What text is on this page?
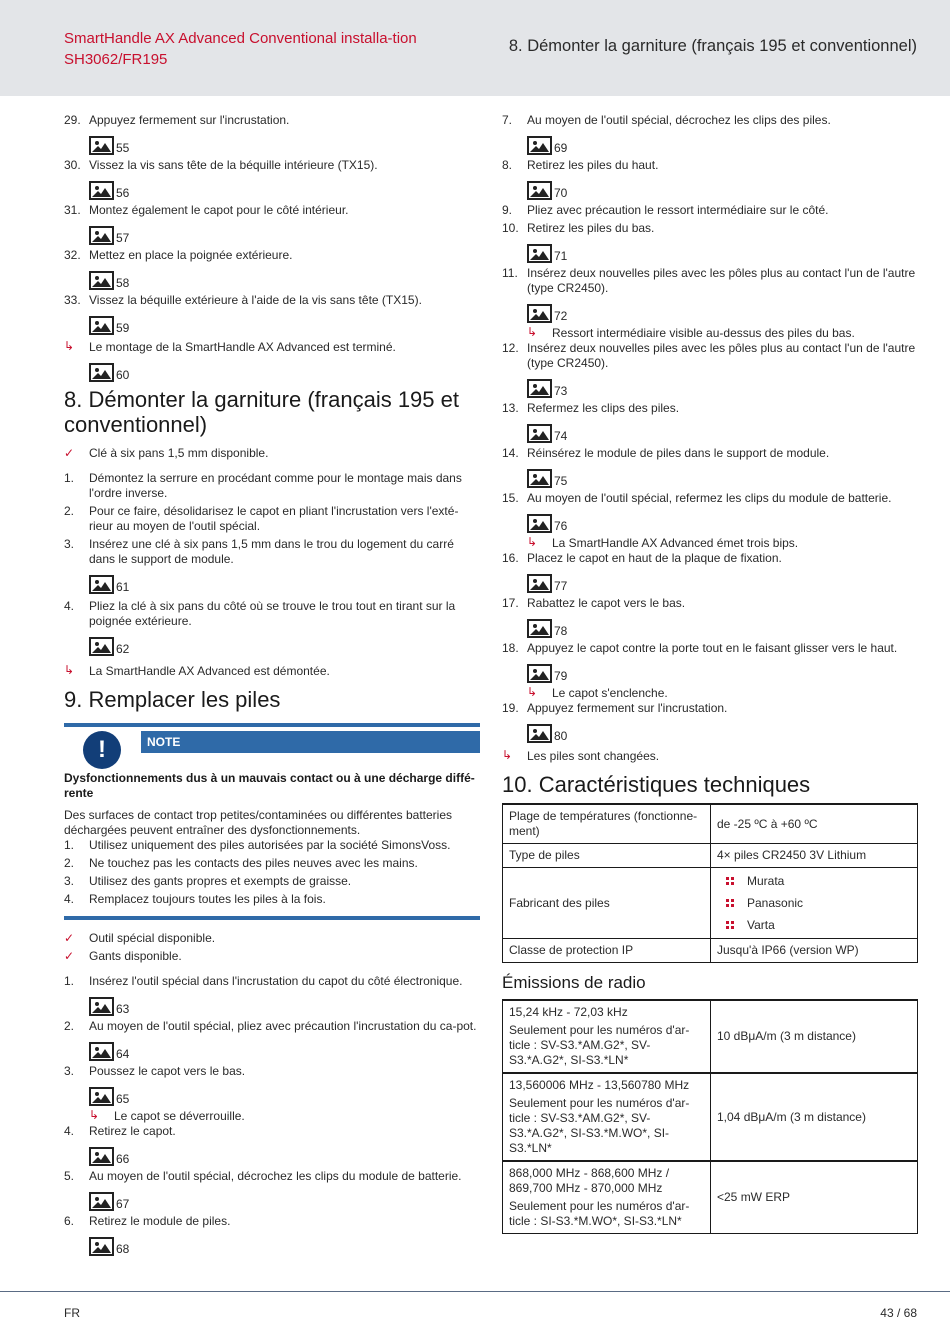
SmartHandle AX Advanced Conventional installa-tion SH3062/FR195
8. Démonter la garniture (français 195 et conventionnel)
29. Appuyez fermement sur l'incrustation.
55
30. Vissez la vis sans tête de la béquille intérieure (TX15).
56
31. Montez également le capot pour le côté intérieur.
57
32. Mettez en place la poignée extérieure.
58
33. Vissez la béquille extérieure à l'aide de la vis sans tête (TX15).
59
↳ Le montage de la SmartHandle AX Advanced est terminé.
60
8. Démonter la garniture (français 195 et conventionnel)
✓ Clé à six pans 1,5 mm disponible.
1. Démontez la serrure en procédant comme pour le montage mais dans l'ordre inverse.
2. Pour ce faire, désolidarisez le capot en pliant l'incrustation vers l'exté-rieur au moyen de l'outil spécial.
3. Insérez une clé à six pans 1,5 mm dans le trou du logement du carré dans le support de module.
61
4. Pliez la clé à six pans du côté où se trouve le trou tout en tirant sur la poignée extérieure.
62
↳ La SmartHandle AX Advanced est démontée.
9. Remplacer les piles
!	NOTE
Dysfonctionnements dus à un mauvais contact ou à une décharge diffé-rente
Des surfaces de contact trop petites/contaminées ou différentes batteries déchargées peuvent entraîner des dysfonctionnements.
1. Utilisez uniquement des piles autorisées par la société SimonsVoss.
2. Ne touchez pas les contacts des piles neuves avec les mains.
3. Utilisez des gants propres et exempts de graisse.
4. Remplacez toujours toutes les piles à la fois.
✓ Outil spécial disponible.
✓ Gants disponible.
1. Insérez l'outil spécial dans l'incrustation du capot du côté électronique.
63
2. Au moyen de l'outil spécial, pliez avec précaution l'incrustation du ca-pot.
64
3. Poussez le capot vers le bas.
65
↳ Le capot se déverrouille.
4. Retirez le capot.
66
5. Au moyen de l'outil spécial, décrochez les clips du module de batterie.
67
6. Retirez le module de piles.
68
7. Au moyen de l'outil spécial, décrochez les clips des piles.
69
8. Retirez les piles du haut.
70
9. Pliez avec précaution le ressort intermédiaire sur le côté.
10. Retirez les piles du bas.
71
11. Insérez deux nouvelles piles avec les pôles plus au contact l'un de l'autre (type CR2450).
72
↳ Ressort intermédiaire visible au-dessus des piles du bas.
12. Insérez deux nouvelles piles avec les pôles plus au contact l'un de l'autre (type CR2450).
73
13. Refermez les clips des piles.
74
14. Réinsérez le module de piles dans le support de module.
75
15. Au moyen de l'outil spécial, refermez les clips du module de batterie.
76
↳ La SmartHandle AX Advanced émet trois bips.
16. Placez le capot en haut de la plaque de fixation.
77
17. Rabattez le capot vers le bas.
78
18. Appuyez le capot contre la porte tout en le faisant glisser vers le haut.
79
↳ Le capot s'enclenche.
19. Appuyez fermement sur l'incrustation.
80
↳ Les piles sont changées.
10. Caractéristiques techniques
Plage de températures (fonctionne-ment)	de -25 ºC à +60 ºC
Type de piles	4× piles CR2450 3V Lithium
Fabricant des piles	Murata
Panasonic
Varta

Classe de protection IP	Jusqu'à IP66 (version WP)
Émissions de radio
15,24 kHz - 72,03 kHz
Seulement pour les numéros d'ar-ticle : SV-S3.*AM.G2*, SV-S3.*A.G2*, SI-S3.*LN*	10 dBμA/m (3 m distance)

13,560006 MHz - 13,560780 MHz
Seulement pour les numéros d'ar-ticle : SV-S3.*AM.G2*, SV-S3.*A.G2*, SI-S3.*M.WO*, SI-S3.*LN*	1,04 dBμA/m (3 m distance)

868,000 MHz - 868,600 MHz / 869,700 MHz - 870,000 MHz
Seulement pour les numéros d'ar-ticle : SI-S3.*M.WO*, SI-S3.*LN*	<25 mW ERP
FR	43 / 68
